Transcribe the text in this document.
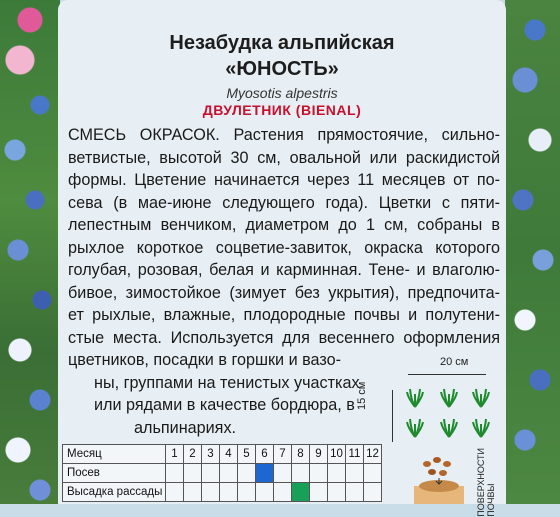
Незабудка альпийская
«ЮНОСТЬ»
Myosotis alpestris
ДВУЛЕТНИК (BIENAL)
СМЕСЬ ОКРАСОК. Растения прямостоячие, сильно-
ветвистые, высотой 30 см, овальной или раскидистой
формы. Цветение начинается через 11 месяцев от по-
сева (в мае-июне следующего года). Цветки с пяти-
лепестным венчиком, диаметром до 1 см, собраны в
рыхлое короткое соцветие-завиток, окраска которого
голубая, розовая, белая и карминная. Тене- и влаголю-
бивое, зимостойкое (зимует без укрытия), предпочита-
ет рыхлые, влажные, плодородные почвы и полутени-
стые места. Используется для весеннего оформления
цветников, посадки в горшки и вазо-
ны, группами на тенистых участках
или рядами в качестве бордюра, в
альпинариях.
20 см
15 см
ПОВЕРХНОСТИ ПОЧВЫ
Месяц	1	2	3	4	5	6	7	8	9	10	11	12
Посев												
Высадка рассады												
